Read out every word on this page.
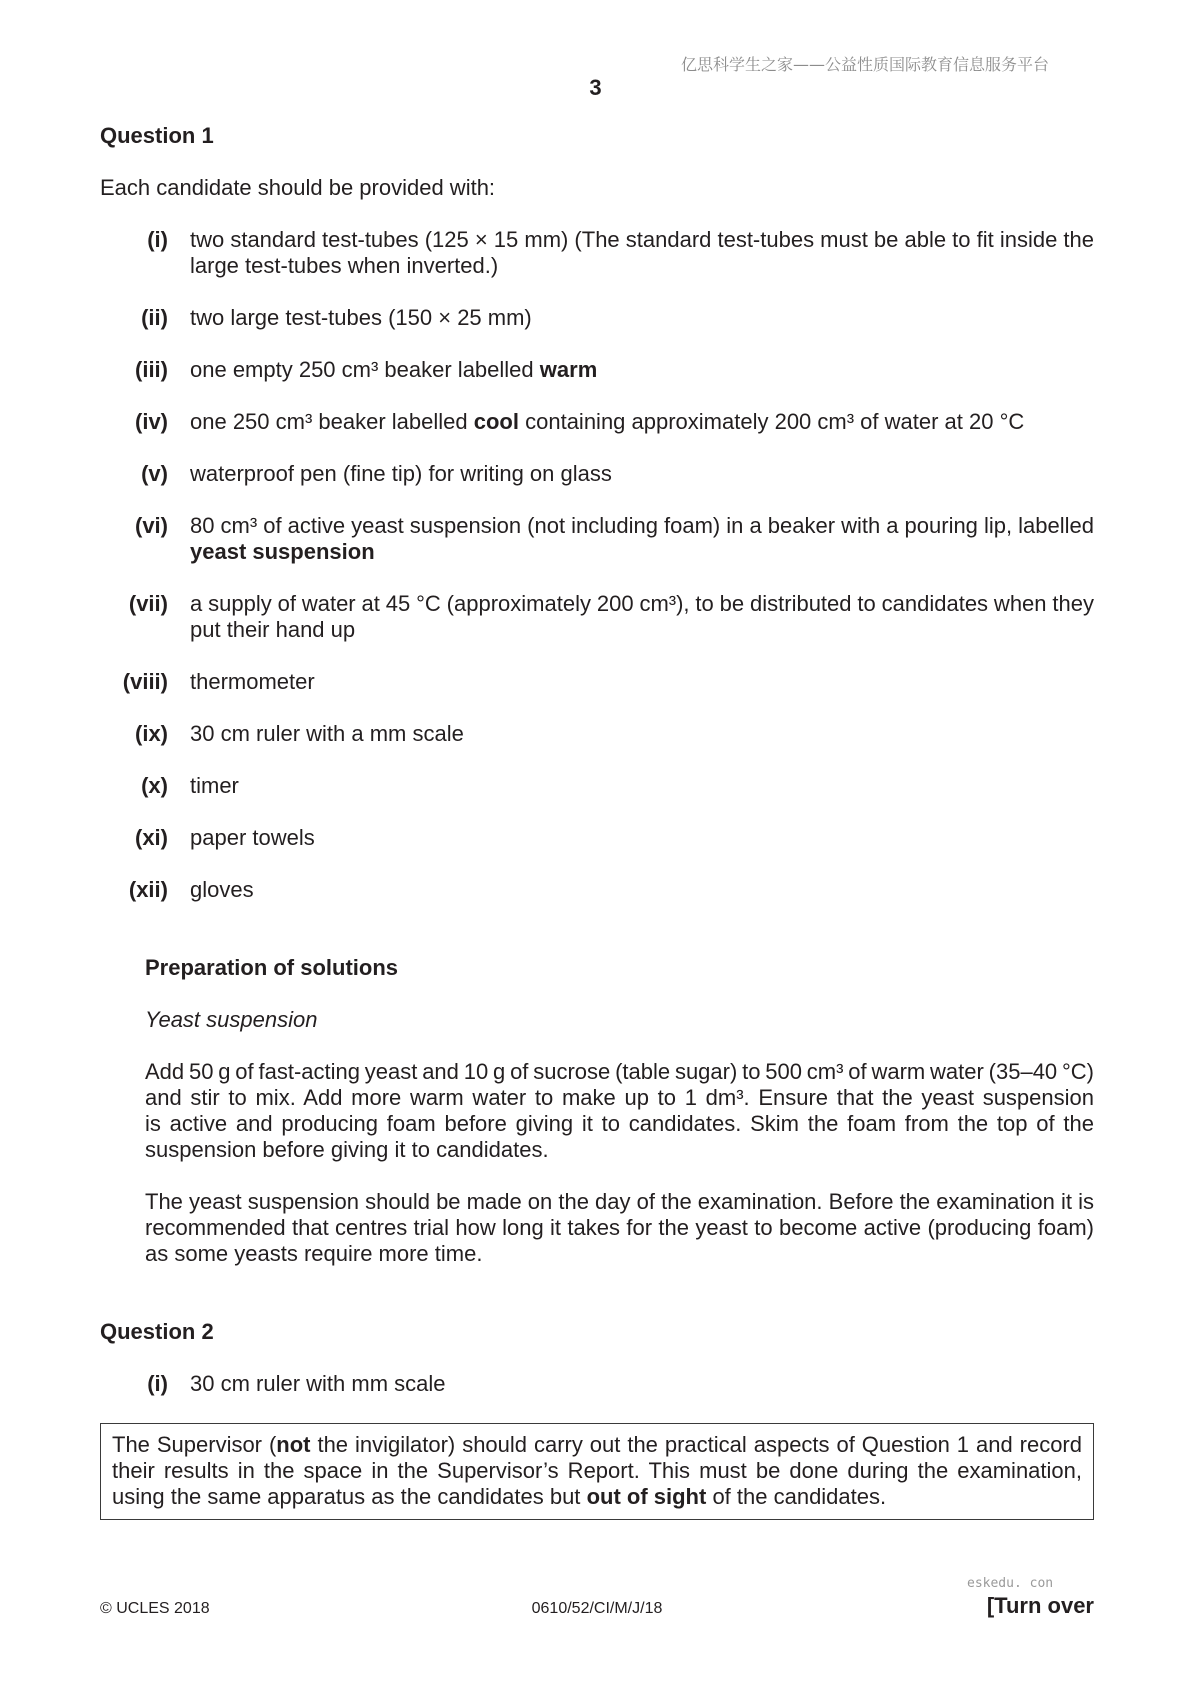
亿思科学生之家——公益性质国际教育信息服务平台
3
Question 1

Each candidate should be provided with:

(i) two standard test-tubes (125 × 15 mm) (The standard test-tubes must be able to fit inside the
large test-tubes when inverted.)
(ii) two large test-tubes (150 × 25 mm)
(iii) one empty 250 cm³ beaker labelled warm
(iv) one 250 cm³ beaker labelled cool containing approximately 200 cm³ of water at 20 °C
(v) waterproof pen (fine tip) for writing on glass
(vi) 80 cm³ of active yeast suspension (not including foam) in a beaker with a pouring lip, labelled
yeast suspension
(vii) a supply of water at 45 °C (approximately 200 cm³), to be distributed to candidates when they
put their hand up
(viii) thermometer
(ix) 30 cm ruler with a mm scale
(x) timer
(xi) paper towels
(xii) gloves
Preparation of solutions
Yeast suspension
Add 50 g of fast-acting yeast and 10 g of sucrose (table sugar) to 500 cm³ of warm water (35–40 °C)
and stir to mix. Add more warm water to make up to 1 dm³. Ensure that the yeast suspension
is active and producing foam before giving it to candidates. Skim the foam from the top of the
suspension before giving it to candidates.
The yeast suspension should be made on the day of the examination. Before the examination it is
recommended that centres trial how long it takes for the yeast to become active (producing foam)
as some yeasts require more time.
Question 2
(i) 30 cm ruler with mm scale
The Supervisor (not the invigilator) should carry out the practical aspects of Question 1 and record
their results in the space in the Supervisor’s Report. This must be done during the examination,
using the same apparatus as the candidates but out of sight of the candidates.
eskedu. con
© UCLES 2018	0610/52/CI/M/J/18	[Turn over
